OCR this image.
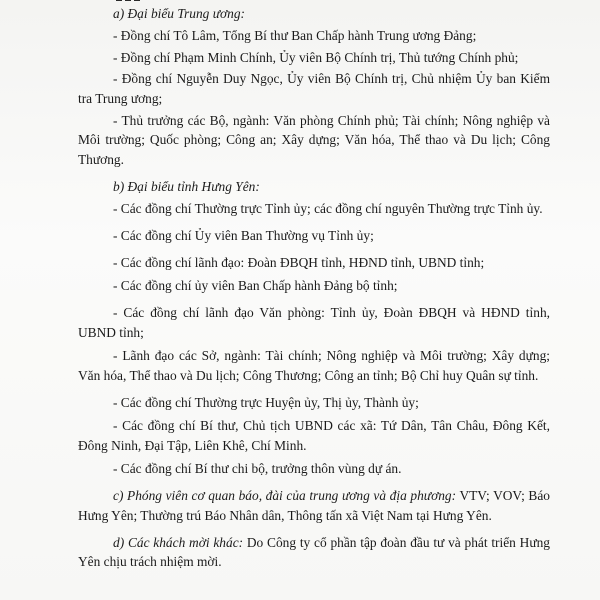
a) Đại biểu Trung ương:

- Đồng chí Tô Lâm, Tổng Bí thư Ban Chấp hành Trung ương Đảng;

- Đồng chí Phạm Minh Chính, Ủy viên Bộ Chính trị, Thủ tướng Chính phủ;

- Đồng chí Nguyễn Duy Ngọc, Ủy viên Bộ Chính trị, Chủ nhiệm Ủy ban Kiểm tra Trung ương;

- Thủ trưởng các Bộ, ngành: Văn phòng Chính phủ; Tài chính; Nông nghiệp và Môi trường; Quốc phòng; Công an; Xây dựng; Văn hóa, Thể thao và Du lịch; Công Thương.

b) Đại biểu tỉnh Hưng Yên:

- Các đồng chí Thường trực Tỉnh ủy; các đồng chí nguyên Thường trực Tỉnh ủy.

- Các đồng chí Ủy viên Ban Thường vụ Tỉnh ủy;

- Các đồng chí lãnh đạo: Đoàn ĐBQH tỉnh, HĐND tỉnh, UBND tỉnh;

- Các đồng chí ủy viên Ban Chấp hành Đảng bộ tỉnh;

- Các đồng chí lãnh đạo Văn phòng: Tỉnh ủy, Đoàn ĐBQH và HĐND tỉnh, UBND tỉnh;

- Lãnh đạo các Sở, ngành: Tài chính; Nông nghiệp và Môi trường; Xây dựng; Văn hóa, Thể thao và Du lịch; Công Thương; Công an tỉnh; Bộ Chỉ huy Quân sự tỉnh.

- Các đồng chí Thường trực Huyện ủy, Thị ủy, Thành ủy;

- Các đồng chí Bí thư, Chủ tịch UBND các xã: Tứ Dân, Tân Châu, Đông Kết, Đông Ninh, Đại Tập, Liên Khê, Chí Minh.

- Các đồng chí Bí thư chi bộ, trưởng thôn vùng dự án.

c) Phóng viên cơ quan báo, đài của trung ương và địa phương: VTV; VOV; Báo Hưng Yên; Thường trú Báo Nhân dân, Thông tấn xã Việt Nam tại Hưng Yên.

d) Các khách mời khác: Do Công ty cổ phần tập đoàn đầu tư và phát triển Hưng Yên chịu trách nhiệm mời.
